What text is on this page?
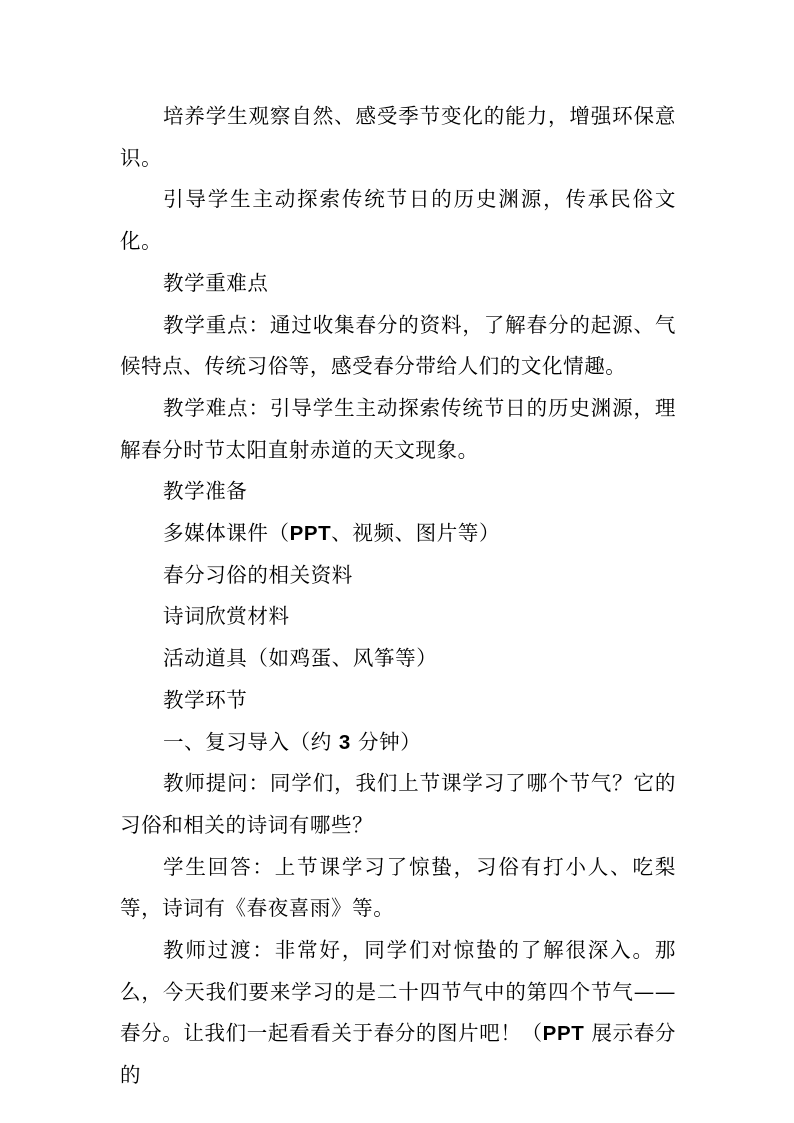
培养学生观察自然、感受季节变化的能力，增强环保意识。

引导学生主动探索传统节日的历史渊源，传承民俗文化。

教学重难点

教学重点：通过收集春分的资料，了解春分的起源、气候特点、传统习俗等，感受春分带给人们的文化情趣。

教学难点：引导学生主动探索传统节日的历史渊源，理解春分时节太阳直射赤道的天文现象。

教学准备

多媒体课件（PPT、视频、图片等）

春分习俗的相关资料

诗词欣赏材料

活动道具（如鸡蛋、风筝等）

教学环节

一、复习导入（约 3 分钟）

教师提问：同学们，我们上节课学习了哪个节气？它的习俗和相关的诗词有哪些？

学生回答：上节课学习了惊蛰，习俗有打小人、吃梨等，诗词有《春夜喜雨》等。

教师过渡：非常好，同学们对惊蛰的了解很深入。那么，今天我们要来学习的是二十四节气中的第四个节气——春分。让我们一起看看关于春分的图片吧！（PPT 展示春分的
